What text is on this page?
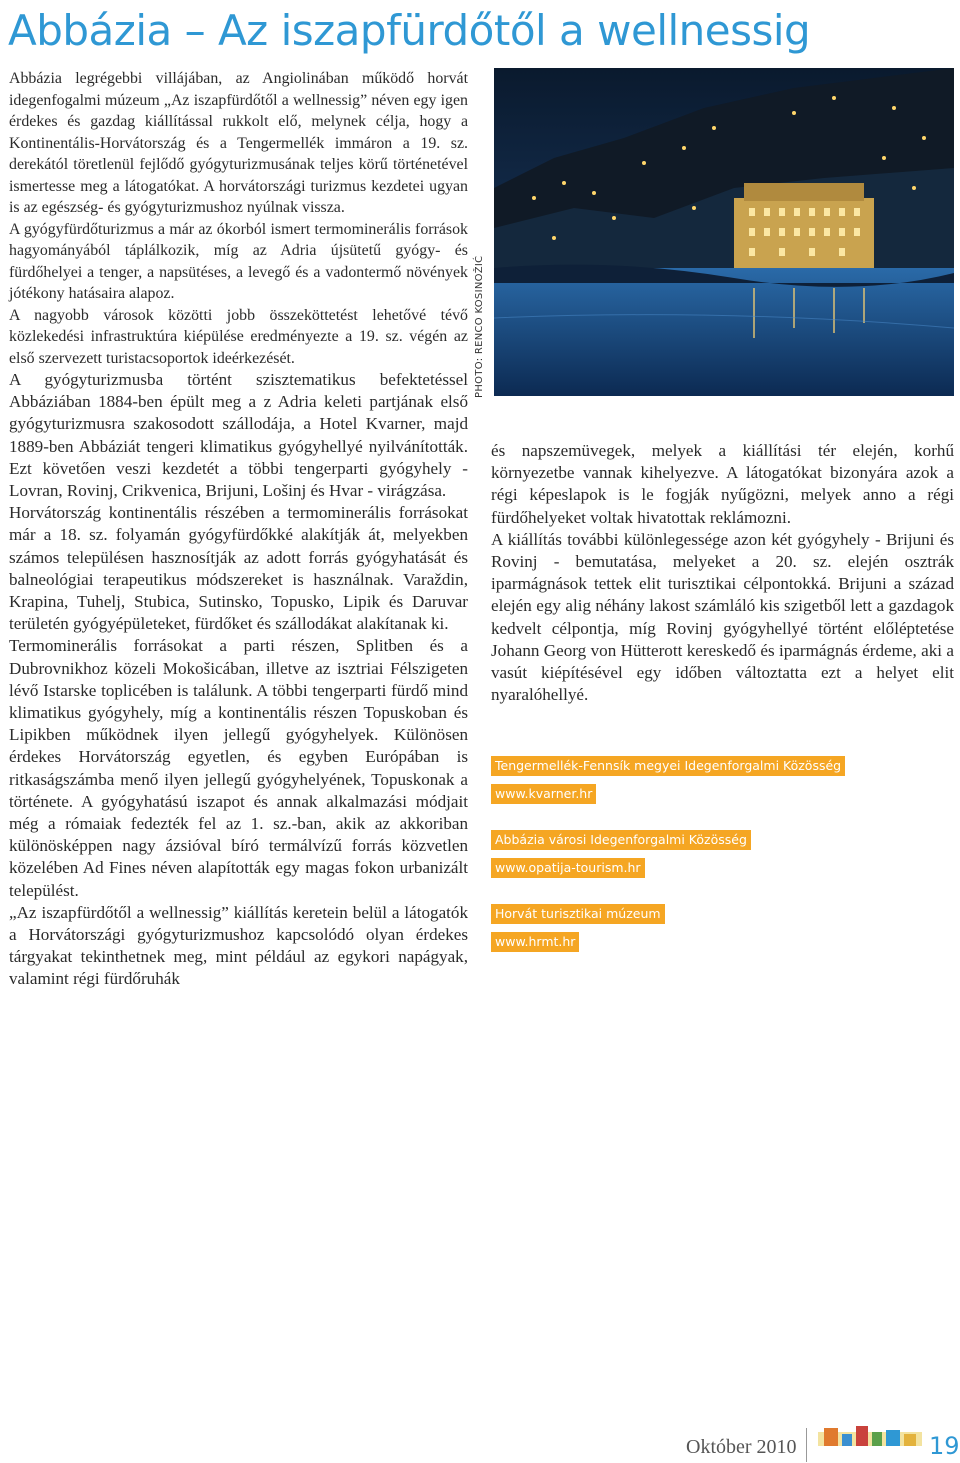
Abbázia – Az iszapfürdőtől a wellnessig

Abbázia legrégebbi villájában, az Angiolinában működő horvát idegenfogalmi múzeum „Az iszapfürdőtől a wellnessig” néven egy igen érdekes és gazdag kiállítással rukkolt elő, melynek célja, hogy a Kontinentális-Horvátország és a Tengermellék immáron a 19. sz. derekától töretlenül fejlődő gyógyturizmusának teljes körű történetével ismertesse meg a látogatókat. A horvátországi turizmus kezdetei ugyan is az egészség- és gyógyturizmushoz nyúlnak vissza.

A gyógyfürdőturizmus a már az ókorból ismert termominerális források hagyományából táplálkozik, míg az Adria újsütetű gyógy- és fürdőhelyei a tenger, a napsütéses, a levegő és a vadontermő növények jótékony hatásaira alapoz.

A nagyobb városok közötti jobb összeköttetést lehetővé tévő közlekedési infrastruktúra kiépülése eredményezte a 19. sz. végén az első szervezett turistacsoportok ideérkezését.

A gyógyturizmusba történt szisztematikus befektetéssel Abbáziában 1884-ben épült meg a z Adria keleti partjának első gyógyturizmusra szakosodott szállodája, a Hotel Kvarner, majd 1889-ben Abbáziát tengeri klimatikus gyógyhellyé nyilvánították. Ezt követően veszi kezdetét a többi tengerparti gyógyhely - Lovran, Rovinj, Crikvenica, Brijuni, Lošinj és Hvar - virágzása.

Horvátország kontinentális részében a termominerális forrásokat már a 18. sz. folyamán gyógyfürdőkké alakítják át, melyekben számos településen hasznosítják az adott forrás gyógyhatását és balneológiai terapeutikus módszereket is használnak. Varaždin, Krapina, Tuhelj, Stubica, Sutinsko, Topusko, Lipik és Daruvar területén gyógyépületeket, fürdőket és szállodákat alakítanak ki.

Termominerális forrásokat a parti részen, Splitben és a Dubrovnikhoz közeli Mokošicában, illetve az isztriai Félszigeten lévő Istarske toplicében is találunk. A többi tengerparti fürdő mind klimatikus gyógyhely, míg a kontinentális részen Topuskoban és Lipikben működnek ilyen jellegű gyógyhelyek. Különösen érdekes Horvátország egyetlen, és egyben Európában is ritkaságszámba menő ilyen jellegű gyógyhelyének, Topuskonak a története. A gyógyhatású iszapot és annak alkalmazási módjait még a rómaiak fedezték fel az 1. sz.-ban, akik az akkoriban különösképpen nagy ázsióval bíró termálvízű forrás közvetlen közelében Ad Fines néven alapították egy magas fokon urbanizált települést.

„Az iszapfürdőtől a wellnessig” kiállítás keretein belül a látogatók a Horvátországi gyógyturizmushoz kapcsolódó olyan érdekes tárgyakat tekinthetnek meg, mint például az egykori napágyak, valamint régi fürdőruhák

PHOTO: RENCO KOSINOŽIĆ

és napszemüvegek, melyek a kiállítási tér elején, korhű környezetbe vannak kihelyezve. A látogatókat bizonyára azok a régi képeslapok is le fogják nyűgözni, melyek anno a régi fürdőhelyeket voltak hivatottak reklámozni.

A kiállítás további különlegessége azon két gyógyhely - Brijuni és Rovinj - bemutatása, melyeket a 20. sz. elején osztrák iparmágnások tettek elit turisztikai célpontokká. Brijuni a század elején egy alig néhány lakost számláló kis szigetből lett a gazdagok kedvelt célpontja, míg Rovinj gyógyhellyé történt előléptetése Johann Georg von Hütterott kereskedő és iparmágnás érdeme, aki a vasút kiépítésével egy időben változtatta ezt a helyet elit nyaralóhellyé.

Tengermellék-Fennsík megyei Idegenforgalmi Közösség
www.kvarner.hr
Abbázia városi Idegenforgalmi Közösség
www.opatija-tourism.hr
Horvát turisztikai múzeum
www.hrmt.hr
Október 2010	19
